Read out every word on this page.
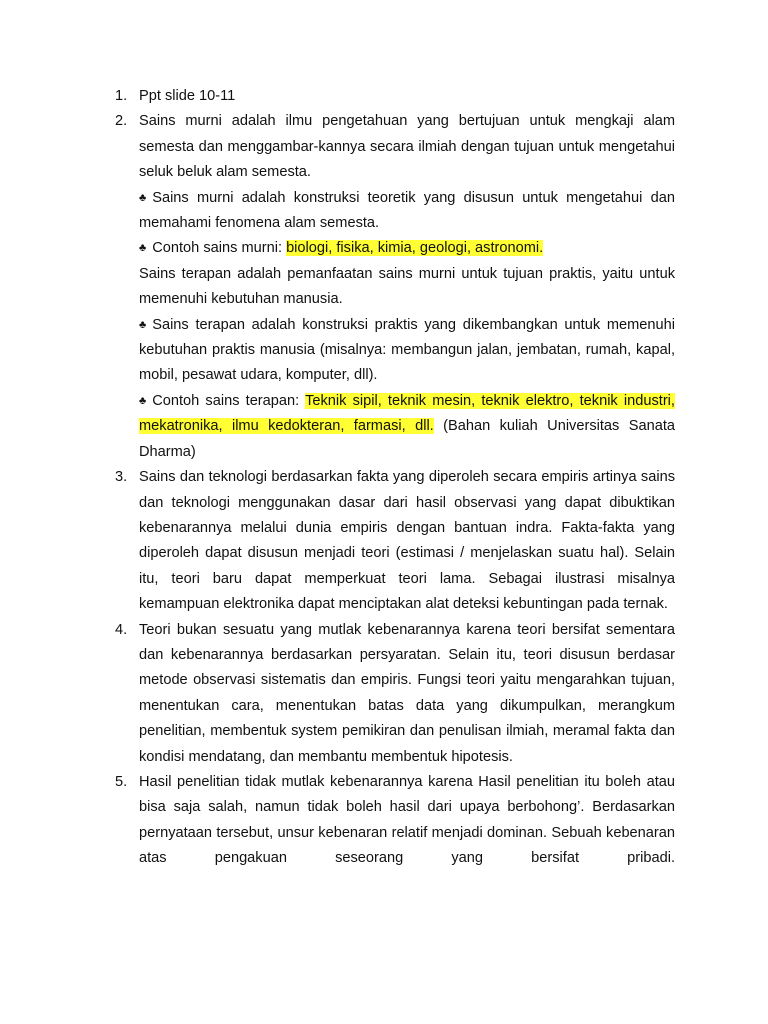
1. Ppt slide 10-11
2. Sains murni adalah ilmu pengetahuan yang bertujuan untuk mengkaji alam semesta dan menggambar-kannya secara ilmiah dengan tujuan untuk mengetahui seluk beluk alam semesta.
♣ Sains murni adalah konstruksi teoretik yang disusun untuk mengetahui dan memahami fenomena alam semesta.
♣ Contoh sains murni: biologi, fisika, kimia, geologi, astronomi.
Sains terapan adalah pemanfaatan sains murni untuk tujuan praktis, yaitu untuk memenuhi kebutuhan manusia.
♣ Sains terapan adalah konstruksi praktis yang dikembangkan untuk memenuhi kebutuhan praktis manusia (misalnya: membangun jalan, jembatan, rumah, kapal, mobil, pesawat udara, komputer, dll).
♣ Contoh sains terapan: Teknik sipil, teknik mesin, teknik elektro, teknik industri, mekatronika, ilmu kedokteran, farmasi, dll. (Bahan kuliah Universitas Sanata Dharma)
3. Sains dan teknologi berdasarkan fakta yang diperoleh secara empiris artinya sains dan teknologi menggunakan dasar dari hasil observasi yang dapat dibuktikan kebenarannya melalui dunia empiris dengan bantuan indra. Fakta-fakta yang diperoleh dapat disusun menjadi teori (estimasi / menjelaskan suatu hal). Selain itu, teori baru dapat memperkuat teori lama. Sebagai ilustrasi misalnya kemampuan elektronika dapat menciptakan alat deteksi kebuntingan pada ternak.
4. Teori bukan sesuatu yang mutlak kebenarannya karena teori bersifat sementara dan kebenarannya berdasarkan persyaratan. Selain itu, teori disusun berdasar metode observasi sistematis dan empiris. Fungsi teori yaitu mengarahkan tujuan, menentukan cara, menentukan batas data yang dikumpulkan, merangkum penelitian, membentuk system pemikiran dan penulisan ilmiah, meramal fakta dan kondisi mendatang, dan membantu membentuk hipotesis.
5. Hasil penelitian tidak mutlak kebenarannya karena Hasil penelitian itu boleh atau bisa saja salah, namun tidak boleh hasil dari upaya berbohong’. Berdasarkan pernyataan tersebut, unsur kebenaran relatif menjadi dominan. Sebuah kebenaran atas pengakuan seseorang yang bersifat pribadi.
